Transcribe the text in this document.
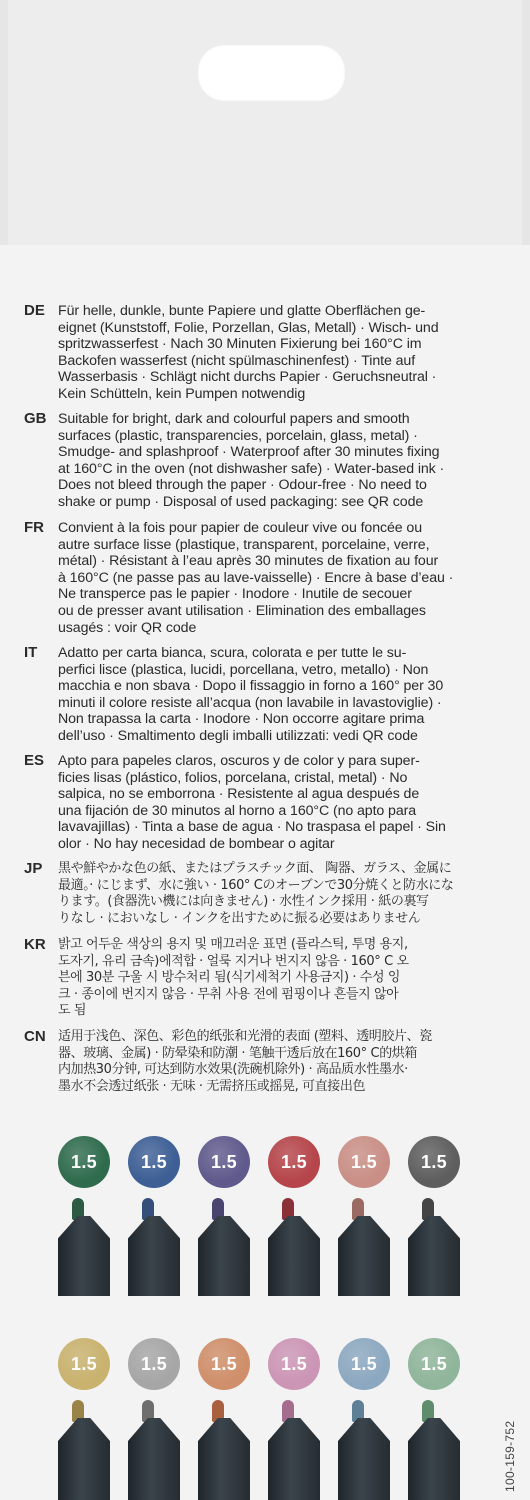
DE Für helle, dunkle, bunte Papiere und glatte Oberflächen ge-
eignet (Kunststoff, Folie, Porzellan, Glas, Metall) · Wisch- und
spritzwasserfest · Nach 30 Minuten Fixierung bei 160°C im
Backofen wasserfest (nicht spülmaschinenfest) · Tinte auf
Wasserbasis · Schlägt nicht durchs Papier · Geruchsneutral ·
Kein Schütteln, kein Pumpen notwendig
GB Suitable for bright, dark and colourful papers and smooth
surfaces (plastic, transparencies, porcelain, glass, metal) ·
Smudge- and splashproof · Waterproof after 30 minutes fixing
at 160°C in the oven (not dishwasher safe) · Water-based ink ·
Does not bleed through the paper · Odour-free · No need to
shake or pump · Disposal of used packaging: see QR code
FR Convient à la fois pour papier de couleur vive ou foncée ou
autre surface lisse (plastique, transparent, porcelaine, verre,
métal) · Résistant à l’eau après 30 minutes de fixation au four
à 160°C (ne passe pas au lave-vaisselle) · Encre à base d’eau ·
Ne transperce pas le papier · Inodore · Inutile de secouer
ou de presser avant utilisation · Elimination des emballages
usagés : voir QR code
IT	Adatto per carta bianca, scura, colorata e per tutte le su-
perfici lisce (plastica, lucidi, porcellana, vetro, metallo) · Non
macchia e non sbava · Dopo il fissaggio in forno a 160° per 30
minuti il colore resiste all’acqua (non lavabile in lavastoviglie) ·
Non trapassa la carta · Inodore · Non occorre agitare prima
dell’uso · Smaltimento degli imballi utilizzati: vedi QR code
ES Apto para papeles claros, oscuros y de color y para super-
ficies lisas (plástico, folios, porcelana, cristal, metal) · No
salpica, no se emborrona · Resistente al agua después de
una fijación de 30 minutos al horno a 160°C (no apto para
lavavajillas) · Tinta a base de agua · No traspasa el papel · Sin
olor · No hay necesidad de bombear o agitar
JP	黒や鮮やかな色の紙、またはプラスチック面、 陶器、ガラス、金属に
最適。· にじまず、水に強い · 160° Cのオーブンで30分焼くと防水にな
ります。(食器洗い機には向きません) · 水性インク採用 · 紙の裏写
りなし · においなし · インクを出すために振る必要はありません
KR 밝고 어두운 색상의 용지 및 매끄러운 표면 (플라스틱, 투명 용지,
도자기, 유리 금속)에적합 · 얼룩 지거나 번지지 않음 · 160° C 오
븐에 30분 구울 시 방수처리 됨(식기세척기 사용금지) · 수성 잉
크 · 종이에 번지지 않음 · 무취 사용 전에 펌핑이나 흔들지 않아
도 됨
CN 适用于浅色、深色、彩色的纸张和光滑的表面 (塑料、透明胶片、瓷
器、玻璃、金属) · 防晕染和防潮 · 笔触干透后放在160° C的烘箱
内加热30分钟, 可达到防水效果(洗碗机除外) · 高品质水性墨水·
墨水不会透过纸张 · 无味 · 无需挤压或摇晃, 可直接出色
1.5	1.5	1.5	1.5	1.5	1.5
1.5	1.5	1.5	1.5	1.5	1.5
100-159-752
